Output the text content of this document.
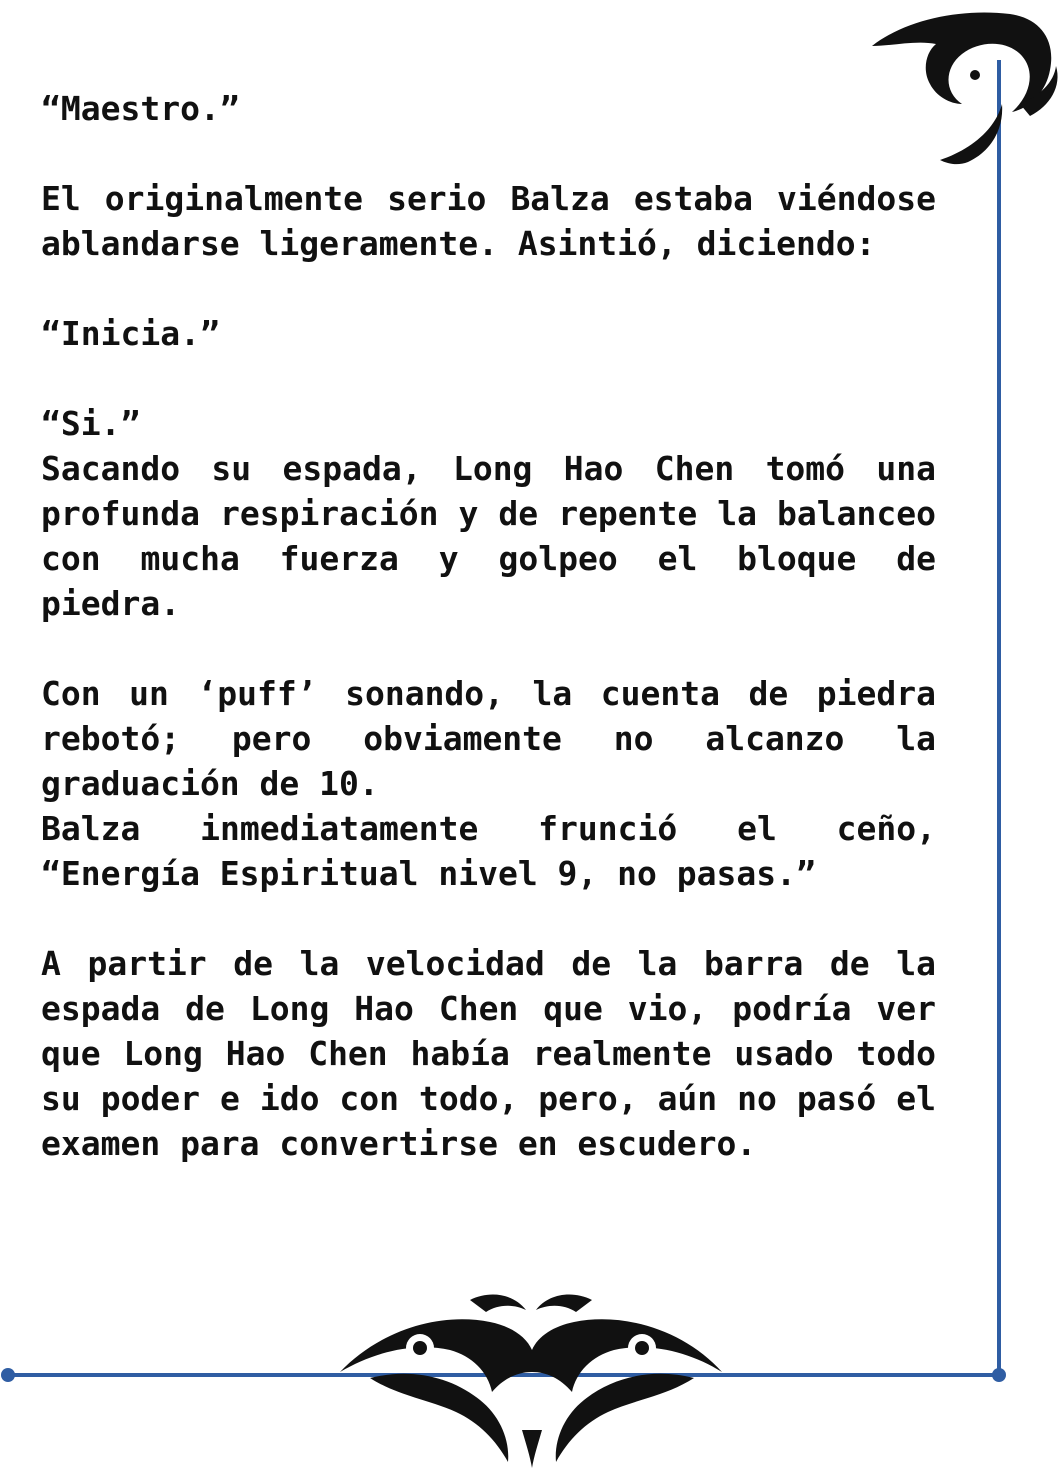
“Maestro.”

El originalmente serio Balza estaba viéndose ablandarse ligeramente. Asintió, diciendo:

“Inicia.”

“Si.”

Sacando su espada, Long Hao Chen tomó una profunda respiración y de repente la balanceo con mucha fuerza y golpeo el bloque de piedra.

Con un ‘puff’ sonando, la cuenta de piedra rebotó; pero obviamente no alcanzo la graduación de 10.

Balza inmediatamente frunció el ceño, “Energía Espiritual nivel 9, no pasas.”

A partir de la velocidad de la barra de la espada de Long Hao Chen que vio, podría ver que Long Hao Chen había realmente usado todo su poder e ido con todo, pero, aún no pasó el examen para convertirse en escudero.
